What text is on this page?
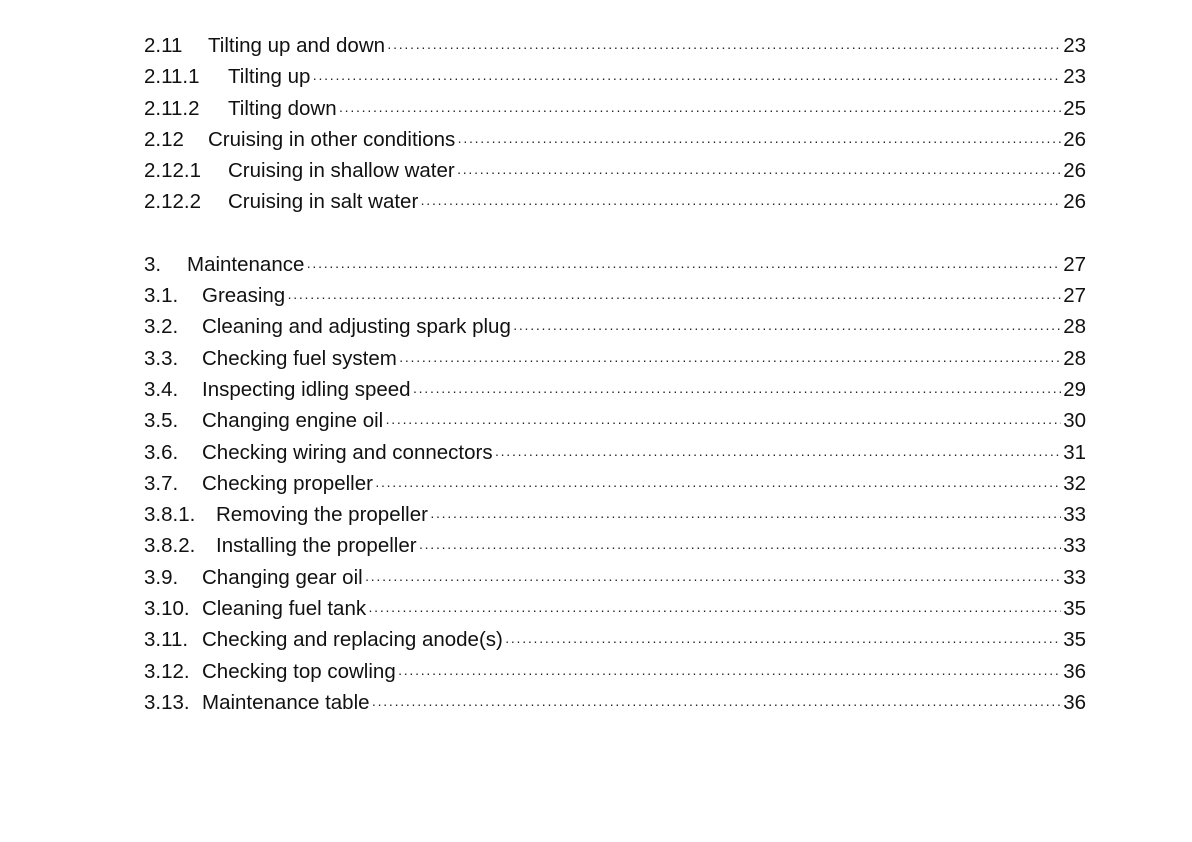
2.11	Tilting up and down ·····	23
2.11.1	Tilting up ·····	23
2.11.2	Tilting down ·····	25
2.12	Cruising in other conditions ·····	26
2.12.1	Cruising in shallow water ·····	26
2.12.2	Cruising in salt water ·····	26
3.	Maintenance ·····	27
3.1.	Greasing ·····	27
3.2.	Cleaning and adjusting spark plug ·····	28
3.3.	Checking fuel system ·····	28
3.4.	Inspecting idling speed ·····	29
3.5.	Changing engine oil ·····	30
3.6.	Checking wiring and connectors ·····	31
3.7.	Checking propeller ·····	32
3.8.1.	Removing the propeller ·····	33
3.8.2.	Installing the propeller ·····	33
3.9.	Changing gear oil ·····	33
3.10. Cleaning fuel tank ·····	35
3.11. Checking and replacing anode(s) ·····	35
3.12. Checking top cowling ·····	36
3.13. Maintenance table ·····	36
